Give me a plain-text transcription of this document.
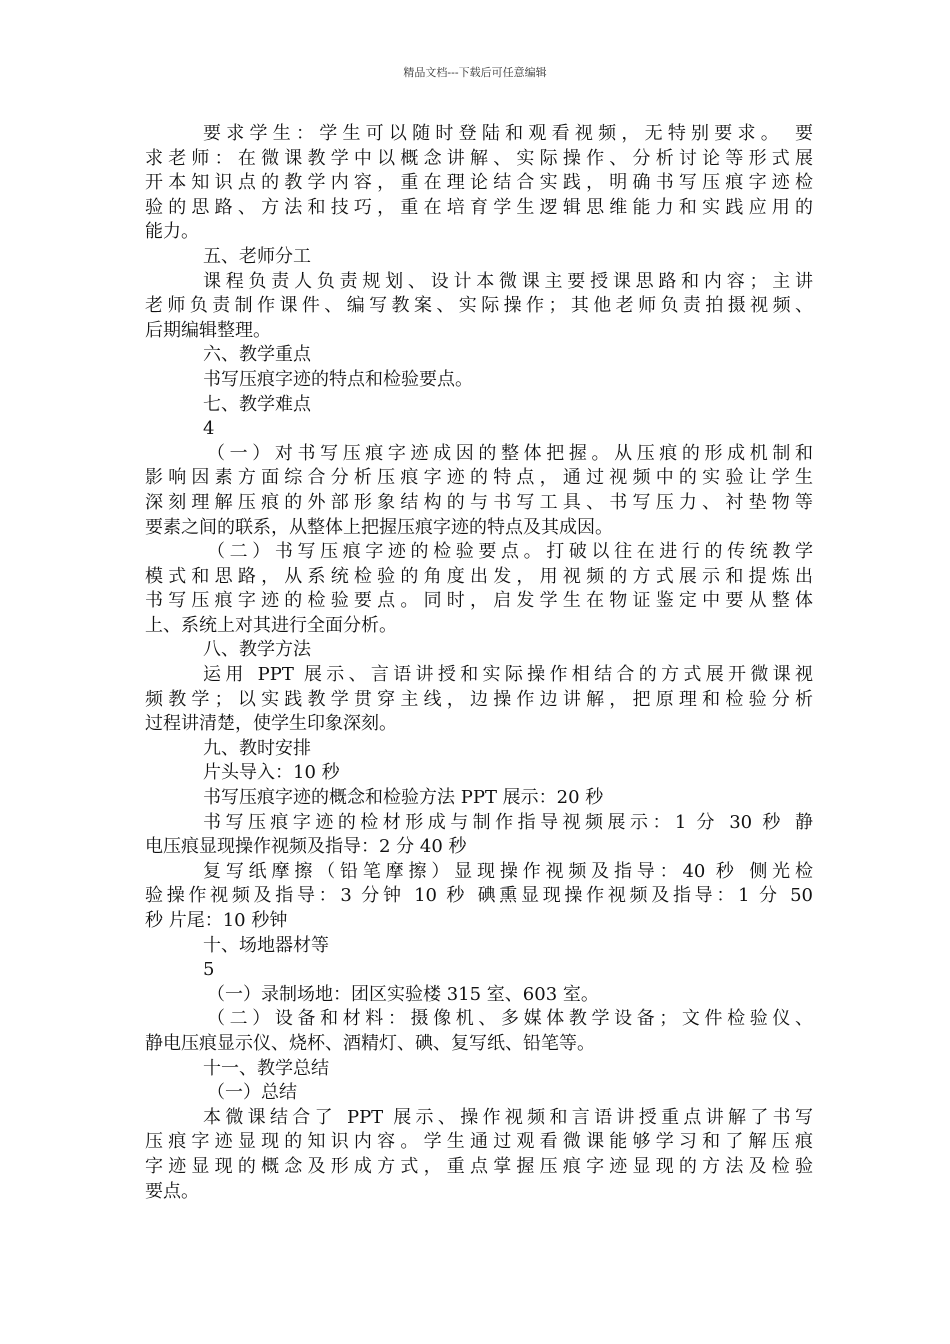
精品文档---下载后可任意编辑
要求学生：学生可以随时登陆和观看视频，无特别要求。 要
求老师：在微课教学中以概念讲解、实际操作、分析讨论等形式展
开本知识点的教学内容，重在理论结合实践，明确书写压痕字迹检
验的思路、方法和技巧，重在培育学生逻辑思维能力和实践应用的
能力。
五、老师分工
课程负责人负责规划、设计本微课主要授课思路和内容；主讲
老师负责制作课件、编写教案、实际操作；其他老师负责拍摄视频、
后期编辑整理。
六、教学重点
书写压痕字迹的特点和检验要点。
七、教学难点
4
（一）对书写压痕字迹成因的整体把握。从压痕的形成机制和
影响因素方面综合分析压痕字迹的特点，通过视频中的实验让学生
深刻理解压痕的外部形象结构的与书写工具、书写压力、衬垫物等
要素之间的联系，从整体上把握压痕字迹的特点及其成因。
（二）书写压痕字迹的检验要点。打破以往在进行的传统教学
模式和思路，从系统检验的角度出发，用视频的方式展示和提炼出
书写压痕字迹的检验要点。同时，启发学生在物证鉴定中要从整体
上、系统上对其进行全面分析。
八、教学方法
运用 PPT 展示、言语讲授和实际操作相结合的方式展开微课视
频教学；以实践教学贯穿主线，边操作边讲解，把原理和检验分析
过程讲清楚，使学生印象深刻。
九、教时安排
片头导入：10 秒
书写压痕字迹的概念和检验方法 PPT 展示：20 秒
书写压痕字迹的检材形成与制作指导视频展示：1 分 30 秒 静
电压痕显现操作视频及指导：2 分 40 秒
复写纸摩擦（铅笔摩擦）显现操作视频及指导：40 秒 侧光检
验操作视频及指导：3 分钟 10 秒 碘熏显现操作视频及指导：1 分 50
秒 片尾：10 秒钟
十、场地器材等
5
（一）录制场地：团区实验楼 315 室、603 室。
（二）设备和材料：摄像机、多媒体教学设备；文件检验仪、
静电压痕显示仪、烧杯、酒精灯、碘、复写纸、铅笔等。
十一、教学总结
（一）总结
本微课结合了 PPT 展示、操作视频和言语讲授重点讲解了书写
压痕字迹显现的知识内容。学生通过观看微课能够学习和了解压痕
字迹显现的概念及形成方式，重点掌握压痕字迹显现的方法及检验
要点。
